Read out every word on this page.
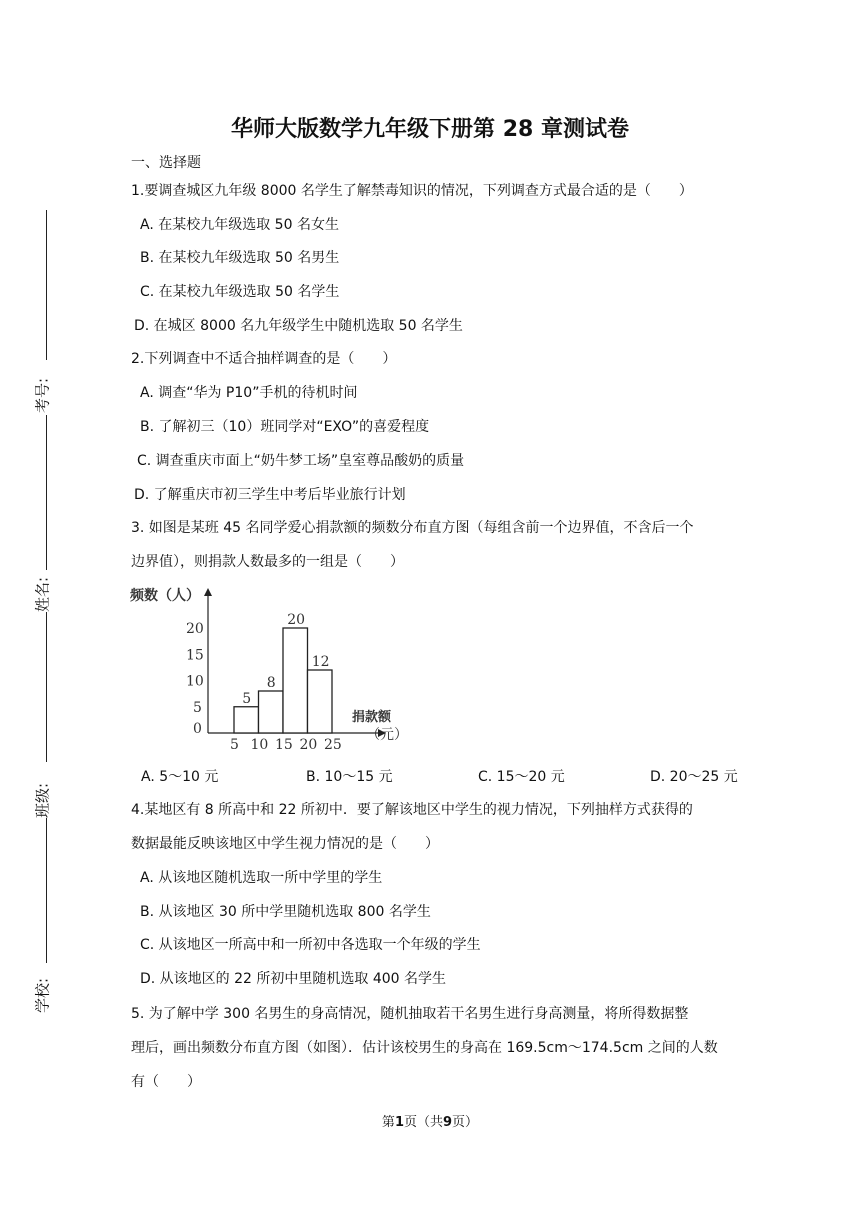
考号:
姓名:
班级:
学校:
华师大版数学九年级下册第 28 章测试卷
一、选择题
1.要调查城区九年级 8000 名学生了解禁毒知识的情况，下列调查方式最合适的是（　　）
A. 在某校九年级选取 50 名女生
B. 在某校九年级选取 50 名男生
C. 在某校九年级选取 50 名学生
D. 在城区 8000 名九年级学生中随机选取 50 名学生
2.下列调查中不适合抽样调查的是（　　）
A. 调查“华为 P10”手机的待机时间
B. 了解初三（10）班同学对“EXO”的喜爱程度
C. 调查重庆市面上“奶牛梦工场”皇室尊品酸奶的质量
D. 了解重庆市初三学生中考后毕业旅行计划
3. 如图是某班 45 名同学爱心捐款额的频数分布直方图（每组含前一个边界值，不含后一个
边界值），则捐款人数最多的一组是（　　）
频数（人）
捐款额
（元）
0
5
10
15
20
5 10 15 20 25
5
8
20
12
A. 5～10 元	B. 10～15 元	C. 15～20 元	D. 20～25 元
4.某地区有 8 所高中和 22 所初中．要了解该地区中学生的视力情况，下列抽样方式获得的
数据最能反映该地区中学生视力情况的是（　　）
A. 从该地区随机选取一所中学里的学生
B. 从该地区 30 所中学里随机选取 800 名学生
C. 从该地区一所高中和一所初中各选取一个年级的学生
D. 从该地区的 22 所初中里随机选取 400 名学生
5. 为了解中学 300 名男生的身高情况，随机抽取若干名男生进行身高测量，将所得数据整
理后，画出频数分布直方图（如图）．估计该校男生的身高在 169.5cm～174.5cm 之间的人数
有（　　）
第1页（共9页）
